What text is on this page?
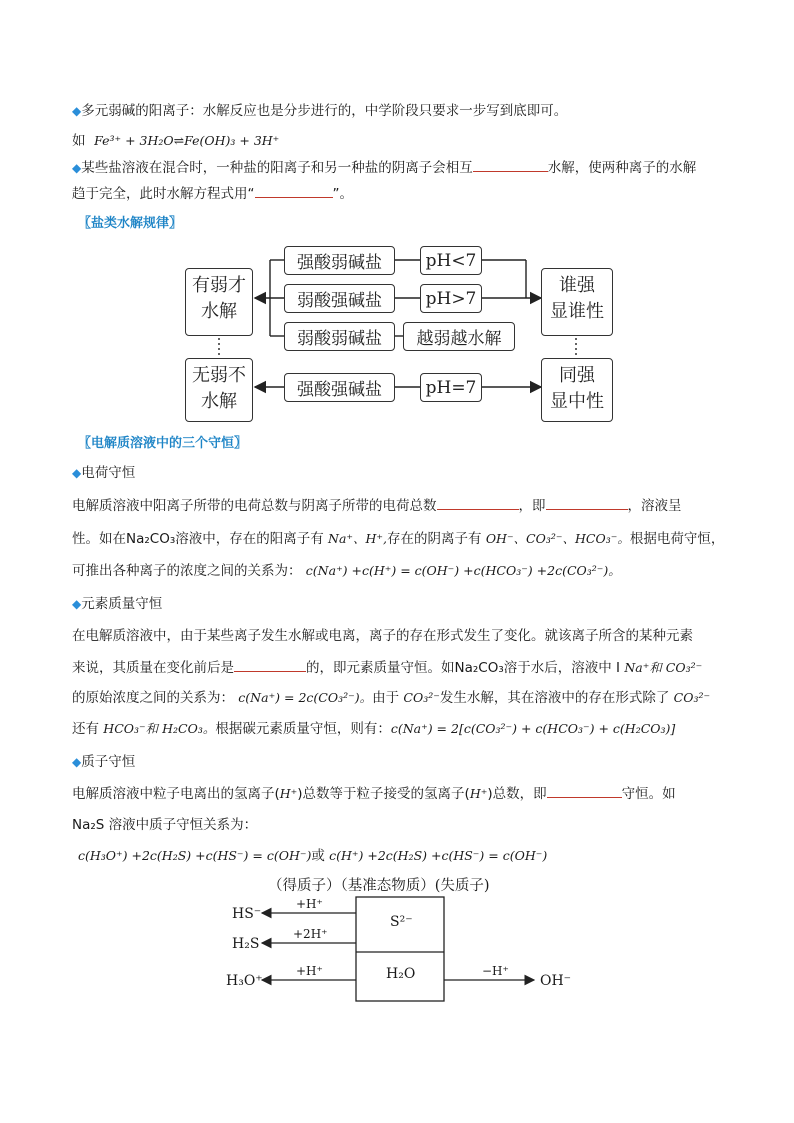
◆多元弱碱的阳离子：水解反应也是分步进行的，中学阶段只要求一步写到底即可。
如 Fe³⁺ + 3H₂O⇌Fe(OH)₃ + 3H⁺
◆某些盐溶液在混合时，一种盐的阳离子和另一种盐的阴离子会相互	水解，使两种离子的水解
趋于完全，此时水解方程式用“	”。
〖盐类水解规律〗
有弱才
水解
无弱不
水解
谁强
显谁性
同强
显中性
强酸弱碱盐
弱酸强碱盐
弱酸弱碱盐
强酸强碱盐
pH<7
pH>7
越弱越水解
pH=7
〖电解质溶液中的三个守恒〗
◆电荷守恒
电解质溶液中阳离子所带的电荷总数与阴离子所带的电荷总数	，即	，溶液呈
性。如在Na₂CO₃溶液中，存在的阳离子有 Na⁺、H⁺,存在的阴离子有 OH⁻、CO₃²⁻、HCO₃⁻。根据电荷守恒，
可推出各种离子的浓度之间的关系为： c(Na⁺) +c(H⁺) = c(OH⁻) +c(HCO₃⁻) +2c(CO₃²⁻)。
◆元素质量守恒
在电解质溶液中，由于某些离子发生水解或电离，离子的存在形式发生了变化。就该离子所含的某种元素
来说，其质量在变化前后是	的，即元素质量守恒。如Na₂CO₃溶于水后，溶液中 I Na⁺和 CO₃²⁻
的原始浓度之间的关系为： c(Na⁺) = 2c(CO₃²⁻)。由于 CO₃²⁻发生水解，其在溶液中的存在形式除了 CO₃²⁻
还有 HCO₃⁻和 H₂CO₃。根据碳元素质量守恒，则有：c(Na⁺) = 2[c(CO₃²⁻) + c(HCO₃⁻) + c(H₂CO₃)]
◆质子守恒
电解质溶液中粒子电离出的氢离子(H⁺)总数等于粒子接受的氢离子(H⁺)总数，即	守恒。如
Na₂S 溶液中质子守恒关系为：
c(H₃O⁺) +2c(H₂S) +c(HS⁻) = c(OH⁻)或 c(H⁺) +2c(H₂S) +c(HS⁻) = c(OH⁻)
（得质子）（基准态物质）(失质子)
S²⁻
H₂O
HS⁻
H₂S
H₃O⁺
+H⁺
+2H⁺
+H⁺	−H⁺
OH⁻
